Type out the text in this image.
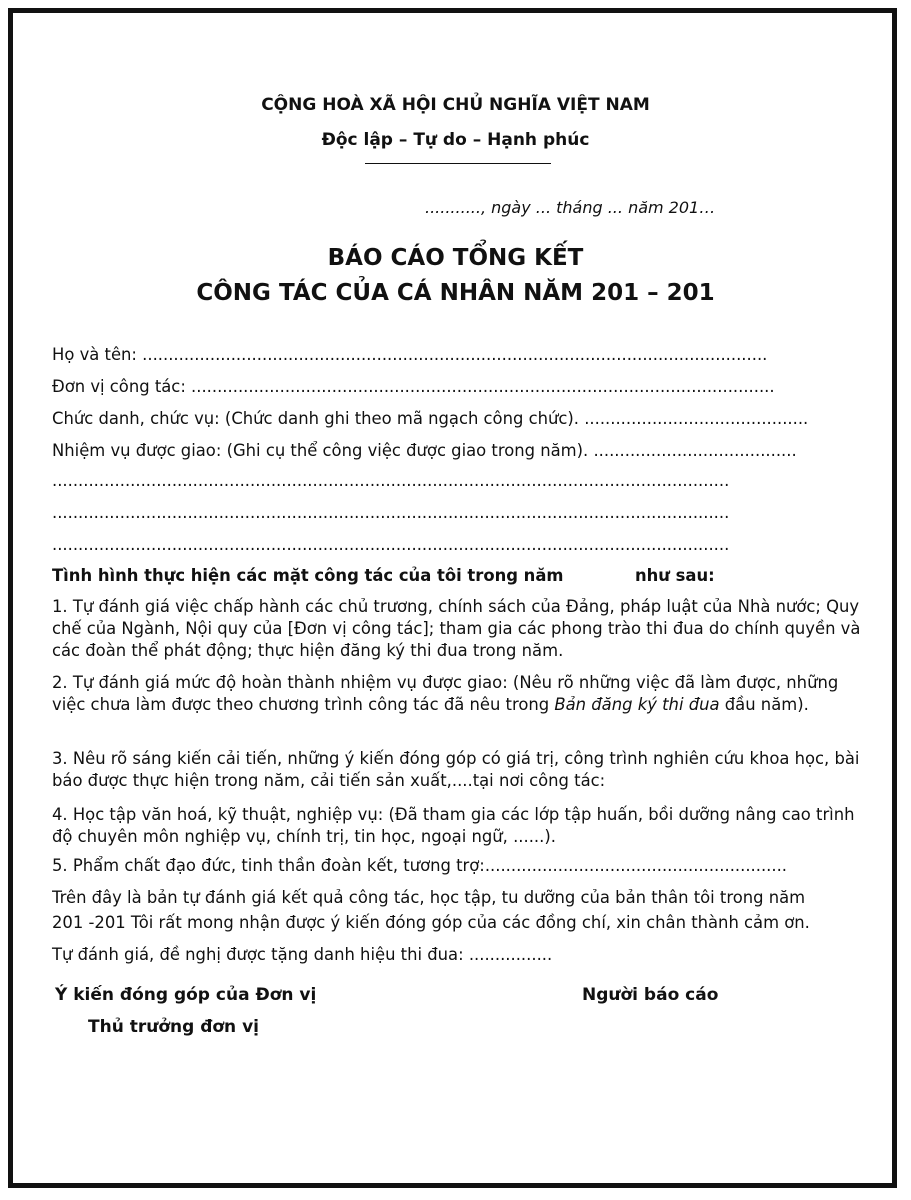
CỘNG HOÀ XÃ HỘI CHỦ NGHĨA VIỆT NAM
Độc lập – Tự do – Hạnh phúc
..........., ngày ... tháng ... năm 201…
BÁO CÁO TỔNG KẾT
CÔNG TÁC CỦA CÁ NHÂN NĂM 201 – 201
Họ và tên: ........................................................................................................................
Đơn vị công tác: ................................................................................................................
Chức danh, chức vụ: (Chức danh ghi theo mã ngạch công chức). ...........................................
Nhiệm vụ được giao: (Ghi cụ thể công việc được giao trong năm). .......................................
..................................................................................................................................
..................................................................................................................................
..................................................................................................................................
Tình hình thực hiện các mặt công tác của tôi trong năm	như sau:
1. Tự đánh giá việc chấp hành các chủ trương, chính sách của Đảng, pháp luật của Nhà nước; Quy chế của Ngành, Nội quy của [Đơn vị công tác]; tham gia các phong trào thi đua do chính quyền và các đoàn thể phát động; thực hiện đăng ký thi đua trong năm.
2. Tự đánh giá mức độ hoàn thành nhiệm vụ được giao: (Nêu rõ những việc đã làm được, những việc chưa làm được theo chương trình công tác đã nêu trong Bản đăng ký thi đua đầu năm).
3. Nêu rõ sáng kiến cải tiến, những ý kiến đóng góp có giá trị, công trình nghiên cứu khoa học, bài báo được thực hiện trong năm, cải tiến sản xuất,....tại nơi công tác:
4. Học tập văn hoá, kỹ thuật, nghiệp vụ: (Đã tham gia các lớp tập huấn, bồi dưỡng nâng cao trình độ chuyên môn nghiệp vụ, chính trị, tin học, ngoại ngữ, ......).
5. Phẩm chất đạo đức, tinh thần đoàn kết, tương trợ:..........................................................
Trên đây là bản tự đánh giá kết quả công tác, học tập, tu dưỡng của bản thân tôi trong năm
201 -201 Tôi rất mong nhận được ý kiến đóng góp của các đồng chí, xin chân thành cảm ơn.
Tự đánh giá, đề nghị được tặng danh hiệu thi đua: ................
Ý kiến đóng góp của Đơn vị
Thủ trưởng đơn vị
Người báo cáo
